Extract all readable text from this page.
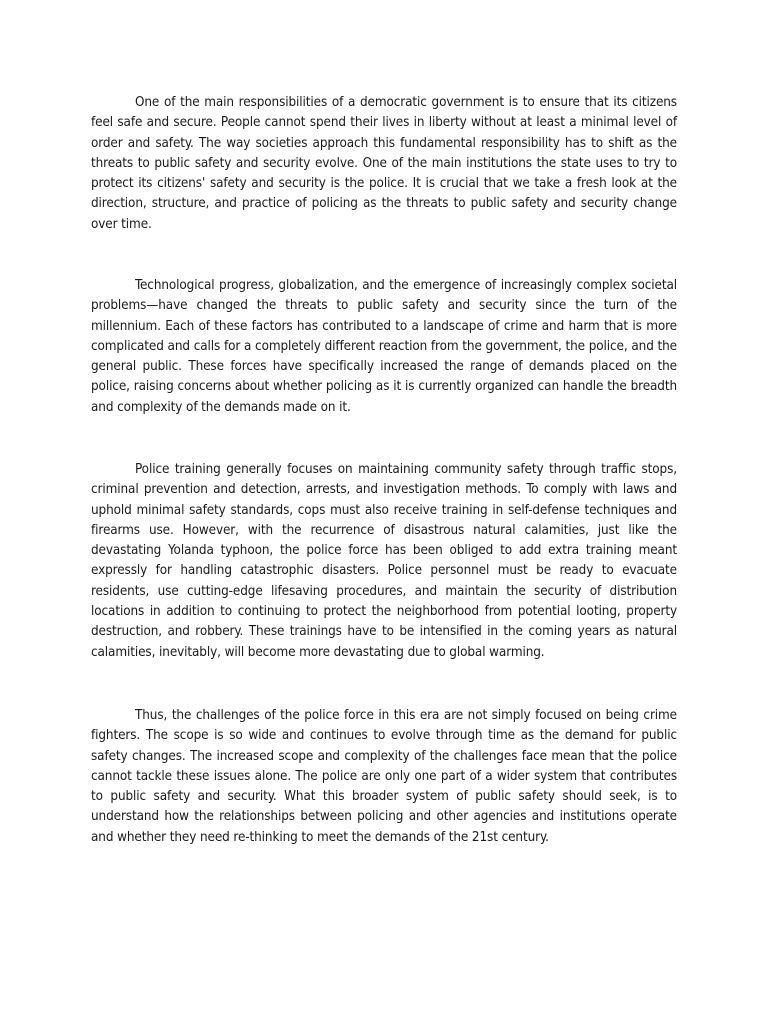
One of the main responsibilities of a democratic government is to ensure that its citizens feel safe and secure. People cannot spend their lives in liberty without at least a minimal level of order and safety. The way societies approach this fundamental responsibility has to shift as the threats to public safety and security evolve. One of the main institutions the state uses to try to protect its citizens' safety and security is the police. It is crucial that we take a fresh look at the direction, structure, and practice of policing as the threats to public safety and security change over time.

Technological progress, globalization, and the emergence of increasingly complex societal problems—have changed the threats to public safety and security since the turn of the millennium. Each of these factors has contributed to a landscape of crime and harm that is more complicated and calls for a completely different reaction from the government, the police, and the general public. These forces have specifically increased the range of demands placed on the police, raising concerns about whether policing as it is currently organized can handle the breadth and complexity of the demands made on it.

Police training generally focuses on maintaining community safety through traffic stops, criminal prevention and detection, arrests, and investigation methods. To comply with laws and uphold minimal safety standards, cops must also receive training in self-defense techniques and firearms use. However, with the recurrence of disastrous natural calamities, just like the devastating Yolanda typhoon, the police force has been obliged to add extra training meant expressly for handling catastrophic disasters. Police personnel must be ready to evacuate residents, use cutting-edge lifesaving procedures, and maintain the security of distribution locations in addition to continuing to protect the neighborhood from potential looting, property destruction, and robbery. These trainings have to be intensified in the coming years as natural calamities, inevitably, will become more devastating due to global warming.

Thus, the challenges of the police force in this era are not simply focused on being crime fighters. The scope is so wide and continues to evolve through time as the demand for public safety changes. The increased scope and complexity of the challenges face mean that the police cannot tackle these issues alone. The police are only one part of a wider system that contributes to public safety and security. What this broader system of public safety should seek, is to understand how the relationships between policing and other agencies and institutions operate and whether they need re-thinking to meet the demands of the 21st century.
